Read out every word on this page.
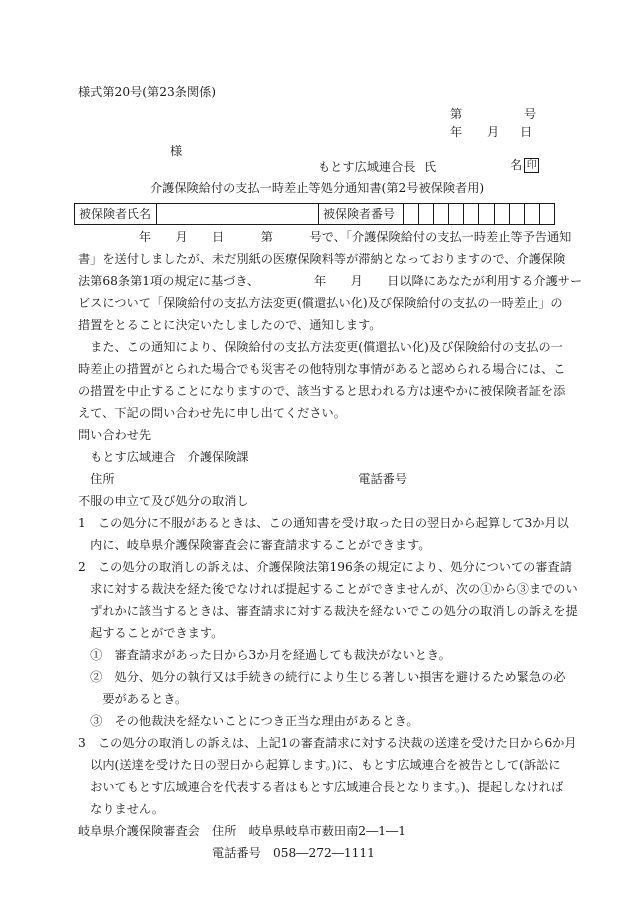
様式第20号(第23条関係)
第	号
年 月 日
様
もとす広域連合長 氏	名 印
介護保険給付の支払一時差止等処分通知書(第2号被保険者用)
被保険者氏名	被保険者番号
　　　　　年　　月　　日　　　第　　　号で、「介護保険給付の支払一時差止等予告通知
書」を送付しましたが、未だ別紙の医療保険料等が滞納となっておりますので、介護保険
法第68条第1項の規定に基づき、　　　　　年　　月　　日以降にあなたが利用する介護サー
ビスについて「保険給付の支払方法変更(償還払い化)及び保険給付の支払の一時差止」の
措置をとることに決定いたしましたので、通知します。
　また、この通知により、保険給付の支払方法変更(償還払い化)及び保険給付の支払の一
時差止の措置がとられた場合でも災害その他特別な事情があると認められる場合には、こ
の措置を中止することになりますので、該当すると思われる方は速やかに被保険者証を添
えて、下記の問い合わせ先に申し出てください。
問い合わせ先
　もとす広域連合　介護保険課
　住所　　　　　　　　　　　　　　　　　　　　電話番号
不服の申立て及び処分の取消し
1　この処分に不服があるときは、この通知書を受け取った日の翌日から起算して3か月以
　内に、岐阜県介護保険審査会に審査請求することができます。
2　この処分の取消しの訴えは、介護保険法第196条の規定により、処分についての審査請
　求に対する裁決を経た後でなければ提起することができませんが、次の①から③までのい
　ずれかに該当するときは、審査請求に対する裁決を経ないでこの処分の取消しの訴えを提
　起することができます。
　①　審査請求があった日から3か月を経過しても裁決がないとき。
　②　処分、処分の執行又は手続きの続行により生じる著しい損害を避けるため緊急の必
　　要があるとき。
　③　その他裁決を経ないことにつき正当な理由があるとき。
3　この処分の取消しの訴えは、上記1の審査請求に対する決裁の送達を受けた日から6か月
　以内(送達を受けた日の翌日から起算します。)に、もとす広域連合を被告として(訴訟に
　おいてもとす広域連合を代表する者はもとす広域連合長となります。)、提起しなければ
　なりません。
岐阜県介護保険審査会　住所　岐阜県岐阜市薮田南2―1―1
　　　　　　　　　　　電話番号　058―272―1111
